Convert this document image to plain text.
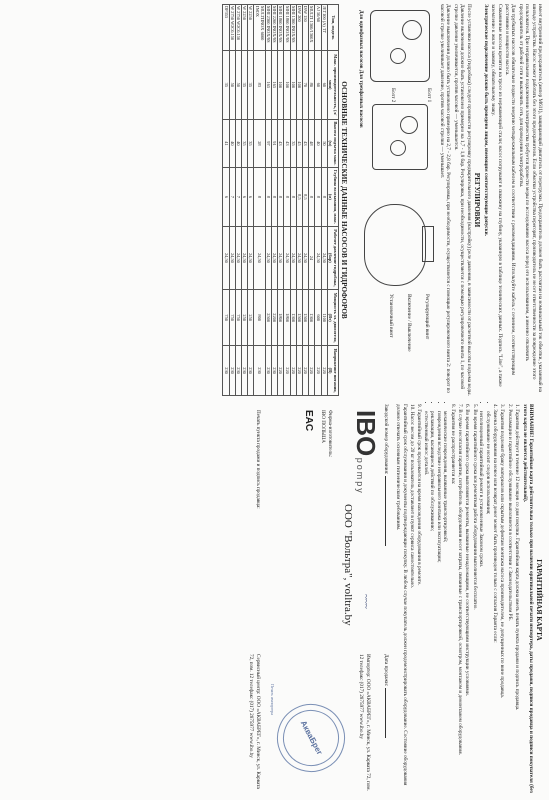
имеет внутренний предохранитель (ампер М611), защищающий двигатель от перегрузки. Предохранитель должен быть рассчитан на номинальный ток обмотки, указанный на шильде устройства. Насос может работать без этого предохранителя. Если обмотки устройства перегорят, производитель не несет ответственности за повреждение этого пользователя. При неправильном подключении электричества требуется провести меры по исследованию насоса перед его использованием, а именно отключить предохранитель от рабочей сети и выключить сеть для проведения электроработы.

Для трубчатых насосов обязательно подвести энергию четырехжильным кабелем в соответствии с рекомендациями. Используйте кабель с сечением, соответствующим расстоянию и мощности насоса.

Скважинные насосы крепятся на тросе из нержавеющей стали; насос погружают в скважину на глубину, указанную в таблице технических данных. Подпись "Line", а также заземление к жиле и зажиму, обязательному знаку.

Электрическое подключение должно быть проведено лицом, имеющим соответствующие допуски.

РЕГУЛИРОВКИ

После установки насоса (гидробака) следует произвести регулировку предварительного давления (настройку) реле давления, в зависимости от расчетной высоты подъема воды.

Давление включения должно быть установлено примерно на 1,7 - 1,8 бар. Регулировка, при необходимости, осуществляется с помощью регулировочного винта 1, по часовой стрелке давление увеличивается, против часовой — уменьшается.

Давление выключения должно быть установлено примерно на 2,7 - 2,8 бар. Регулировка, при необходимости, осуществляется с помощью регулировочного винта 2: поворот по часовой стрелке увеличивает давление, против часовой стрелки — уменьшает.

Болт 1
Болт 2
Регулирующий винт
Включение / Выключение
Установочный винт
Для однофазных насосов Для трехфазных насосов
ОСНОВНЫЕ ТЕХНИЧЕСКИЕ ДАННЫЕ НАСОСОВ И ГИДРОФОРОВ
Тип, модель	Макс. производительность, (л/мин)	Высота подъема макс. (м)	Глубина всасывания, макс. (м)	Рабочее давление гидробака, (бар)	Мощность эл. двигателя, (Вт)	Напряжение питания, (В)
JET100 (А) ТГ	60	50	8	24,50	1100	220
AJ 50/60	60	40	8	24,50	600	220
MULTI 1300/1300X	80	48	8	24	1300	220
ISW 150	70	43	8,5	24,50	1500	220
ISW 200	100	45	8,5	24,50	1500	220
MHI 1300 INOX/SS	100	35	8	24,50	1300	220
MHI 1800 INOX/SS	100	43	8	24,50	1800	220
MHI 1800 INOX/SS	100	43	8	24,50	1800	220
MHI 2200 INOX/SS	165	91	8	24,50	2200	230
MHI 2300 INOX/SS	165	97	8	24,50	2500	230
MULTIINOX 6000 INOX	83	28	8	24,50	800	230
W 2250	35	35	6	24,50	250	230
W 2250	35	35	6	24,50	250	230
W 2750 W2C0.150	50	40	7	24,50	750	230
W 2750 W2C0.150	50	40	7	24,50	750	230
DP355	35	41	6	24,50	750	230
ГАРАНТИЙНАЯ КАРТА

ВНИМАНИЕ! Гарантийная карта действительна только при наличии оригинальной печати импортера, даты продажи, подписи продавца и подписи покупателя (без этого карта не является действительной).

1. Гарантия действует в течение 12 месяцев со дня покупки. Гарантийная карта должна иметь печать пункта продажи и подпись продавца.

2. Рекламации и гарантийное обслуживание выполняется в соответствии с Законодательством РБ.

3. Гарантия подлежит браку материалов или скрытым дефектам монтажа насоса производителем, не допущенных по вине продавца.

4. Замена оборудования на новое или возврат денег может быть произведен только с согласия Гаранта если:

• обслуживание не носит следов использования;
• неполноценный гарантийный ремонт в установленные Законом сроки.

5. Во время гарантийного срока вся ремонтная работа оборудования выполняется бесплатно.

6. Во время гарантийного срока выполняются ремонты, вызванные ненадлежащими, не соответствующими инструкции условиями.

7. В случае несогласия гарантии, потребитель оборудования несет затраты, связанные с транспортировкой, осмотром, монтажом и демонтажем оборудования.

8. Гарантия не распространяется на:

• механические повреждения, вызванные транспортировкой;
• повреждения вследствие неправильного монтажа или эксплуатации;
• рекламации, касающиеся действий по обслуживанию;
• естественный износ деталей.

9. Гарантийный срок продлевается на время нахождения оборудования в ремонте.

10. Насос весом до 20 кг пользователь доставляет в пункт сервиса самостоятельно.

Гарантийный срок обслуживания и документы подтверждающие покупку. В любом случае покупатель должен продемонстрировать оборудование. Состояние оборудования должно отвечать основным гигиеническим требованиям.

Заводской номер оборудования:
Дата продажи:
IBO pompy
Фирма-изготовитель:
IBO ПОЛЬША
EAC
ООО "Вольтра", volltra.by ~~~
Импортер: ООО «АКВАБРЕГ», г. Минск, ул. Карвата 72, пом. 12 телефакс (017) 2875977 www.ibo.by
АкваБрег
Печать импортера
Печать пункта продажи и подпись продавца:
Сервисный центр: ООО «АКВАБРЕГ», г. Минск, ул. Карвата 72, пом. 12 телефакс (017) 2875977 www.ibo.by
